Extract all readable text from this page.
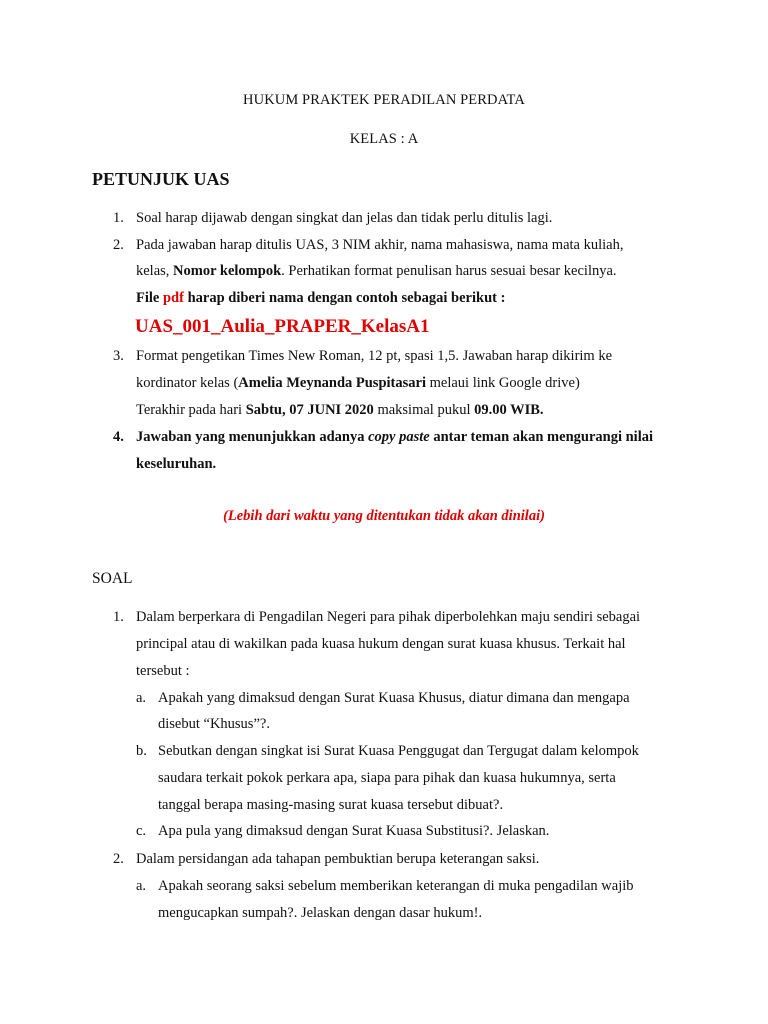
HUKUM PRAKTEK PERADILAN PERDATA
KELAS : A
PETUNJUK UAS
1. Soal harap dijawab dengan singkat dan jelas dan tidak perlu ditulis lagi.
2. Pada jawaban harap ditulis UAS, 3 NIM akhir, nama mahasiswa, nama mata kuliah,
kelas, Nomor kelompok. Perhatikan format penulisan harus sesuai besar kecilnya.
File pdf harap diberi nama dengan contoh sebagai berikut :
UAS_001_Aulia_PRAPER_KelasA1
3. Format pengetikan Times New Roman, 12 pt, spasi 1,5. Jawaban harap dikirim ke
kordinator kelas (Amelia Meynanda Puspitasari melaui link Google drive)
Terakhir pada hari Sabtu, 07 JUNI 2020 maksimal pukul 09.00 WIB.
4. Jawaban yang menunjukkan adanya copy paste antar teman akan mengurangi nilai
keseluruhan.
(Lebih dari waktu yang ditentukan tidak akan dinilai)
SOAL
1. Dalam berperkara di Pengadilan Negeri para pihak diperbolehkan maju sendiri sebagai
principal atau di wakilkan pada kuasa hukum dengan surat kuasa khusus. Terkait hal
tersebut :
a. Apakah yang dimaksud dengan Surat Kuasa Khusus, diatur dimana dan mengapa
disebut “Khusus”?.
b. Sebutkan dengan singkat isi Surat Kuasa Penggugat dan Tergugat dalam kelompok
saudara terkait pokok perkara apa, siapa para pihak dan kuasa hukumnya, serta
tanggal berapa masing-masing surat kuasa tersebut dibuat?.
c. Apa pula yang dimaksud dengan Surat Kuasa Substitusi?. Jelaskan.
2. Dalam persidangan ada tahapan pembuktian berupa keterangan saksi.
a. Apakah seorang saksi sebelum memberikan keterangan di muka pengadilan wajib
mengucapkan sumpah?. Jelaskan dengan dasar hukum!.
